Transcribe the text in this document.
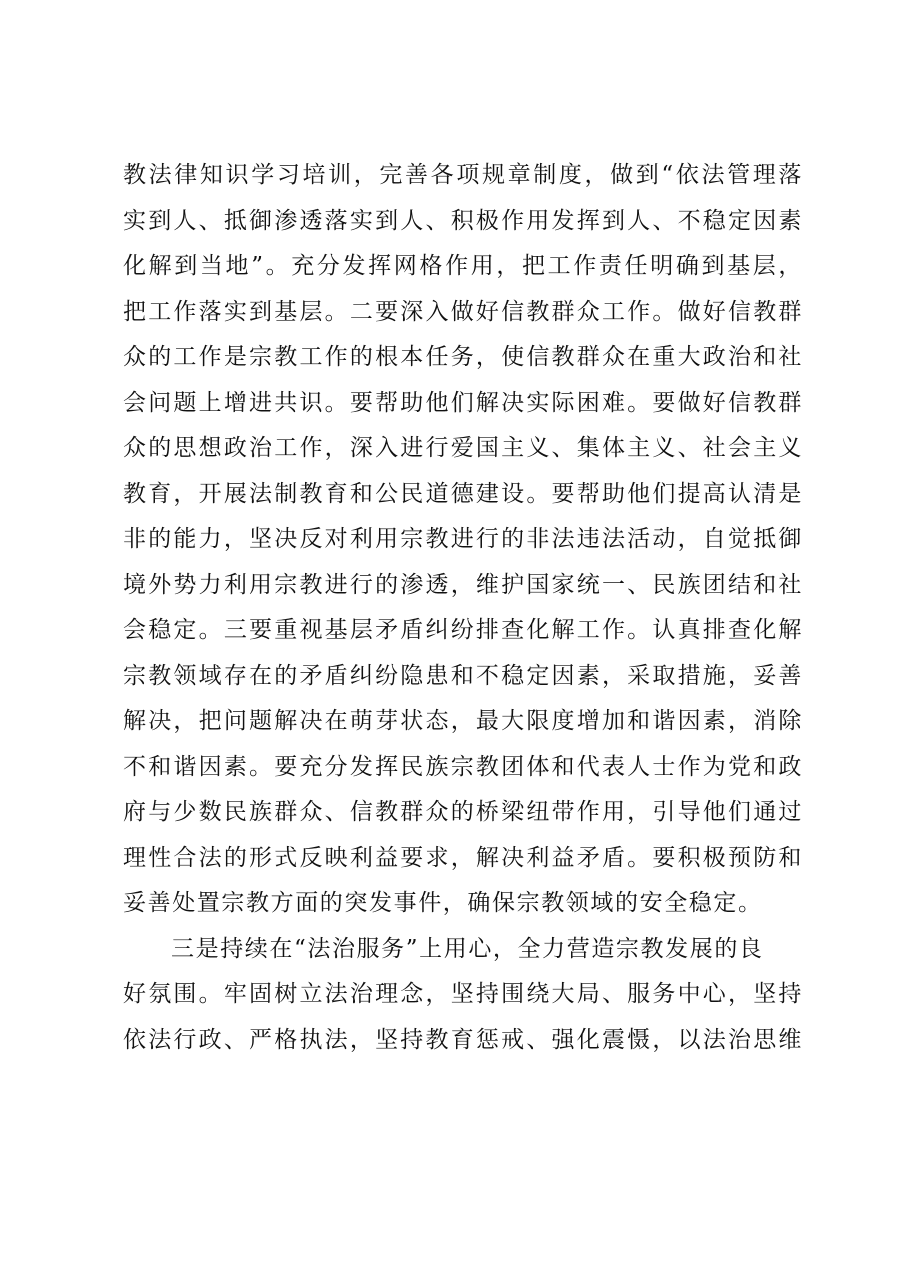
教法律知识学习培训，完善各项规章制度，做到“依法管理落
实到人、抵御渗透落实到人、积极作用发挥到人、不稳定因素
化解到当地”。充分发挥网格作用，把工作责任明确到基层，
把工作落实到基层。二要深入做好信教群众工作。做好信教群
众的工作是宗教工作的根本任务，使信教群众在重大政治和社
会问题上增进共识。要帮助他们解决实际困难。要做好信教群
众的思想政治工作，深入进行爱国主义、集体主义、社会主义
教育，开展法制教育和公民道德建设。要帮助他们提高认清是
非的能力，坚决反对利用宗教进行的非法违法活动，自觉抵御
境外势力利用宗教进行的渗透，维护国家统一、民族团结和社
会稳定。三要重视基层矛盾纠纷排查化解工作。认真排查化解
宗教领域存在的矛盾纠纷隐患和不稳定因素，采取措施，妥善
解决，把问题解决在萌芽状态，最大限度增加和谐因素，消除
不和谐因素。要充分发挥民族宗教团体和代表人士作为党和政
府与少数民族群众、信教群众的桥梁纽带作用，引导他们通过
理性合法的形式反映利益要求，解决利益矛盾。要积极预防和
妥善处置宗教方面的突发事件，确保宗教领域的安全稳定。
三是持续在“法治服务”上用心，全力营造宗教发展的良
好氛围。牢固树立法治理念，坚持围绕大局、服务中心，坚持
依法行政、严格执法，坚持教育惩戒、强化震慑，以法治思维
